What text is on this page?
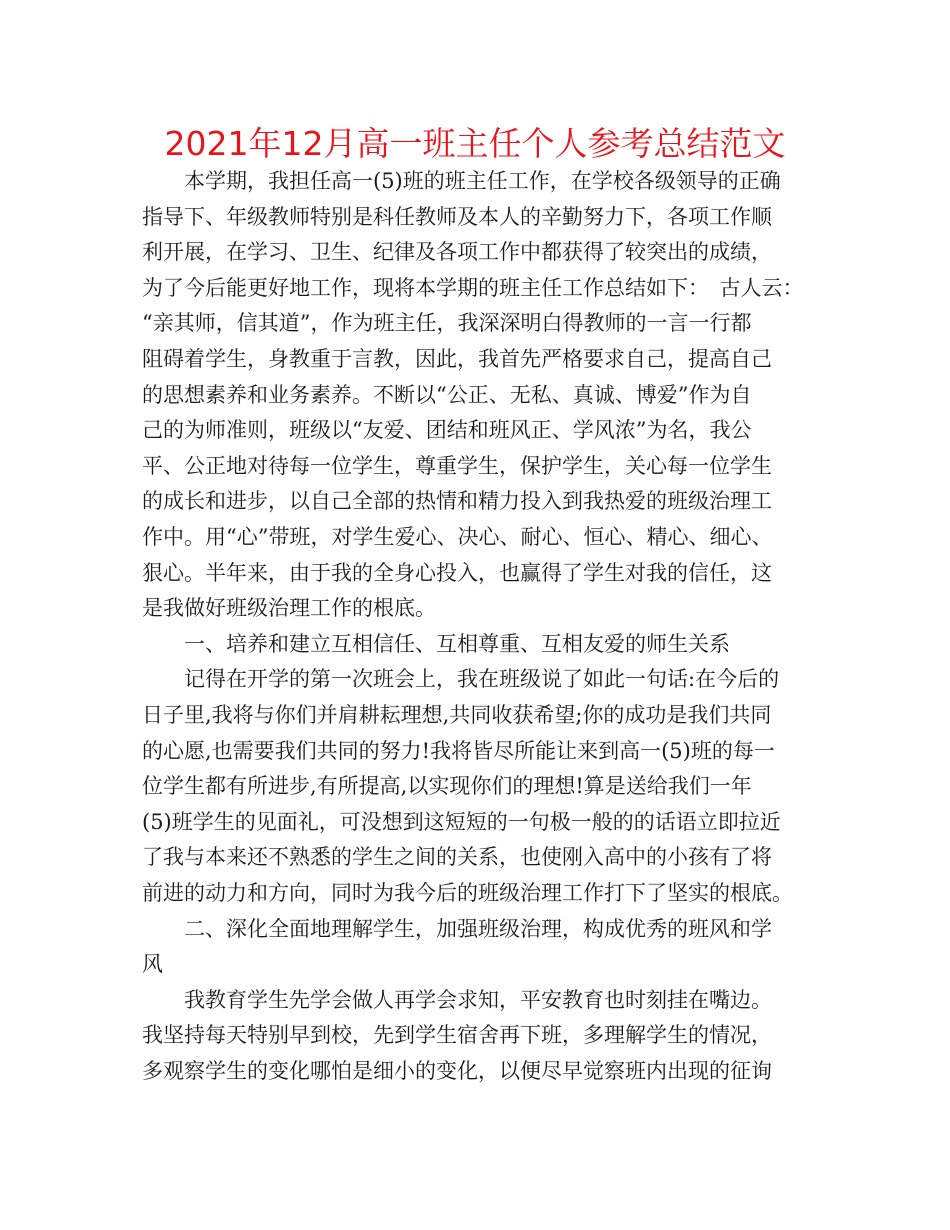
2021年12月高一班主任个人参考总结范文
　　本学期，我担任高一(5)班的班主任工作，在学校各级领导的正确
指导下、年级教师特别是科任教师及本人的辛勤努力下，各项工作顺
利开展，在学习、卫生、纪律及各项工作中都获得了较突出的成绩，
为了今后能更好地工作，现将本学期的班主任工作总结如下：　古人云：
“亲其师，信其道”，作为班主任，我深深明白得教师的一言一行都
阻碍着学生，身教重于言教，因此，我首先严格要求自己，提高自己
的思想素养和业务素养。不断以“公正、无私、真诚、博爱”作为自
己的为师准则，班级以“友爱、团结和班风正、学风浓”为名，我公
平、公正地对待每一位学生，尊重学生，保护学生，关心每一位学生
的成长和进步，以自己全部的热情和精力投入到我热爱的班级治理工
作中。用“心”带班，对学生爱心、决心、耐心、恒心、精心、细心、
狠心。半年来，由于我的全身心投入，也赢得了学生对我的信任，这
是我做好班级治理工作的根底。
　　一、培养和建立互相信任、互相尊重、互相友爱的师生关系
　　记得在开学的第一次班会上，我在班级说了如此一句话:在今后的
日子里,我将与你们并肩耕耘理想,共同收获希望;你的成功是我们共同
的心愿,也需要我们共同的努力!我将皆尽所能让来到高一(5)班的每一
位学生都有所进步,有所提高,以实现你们的理想!算是送给我们一年
(5)班学生的见面礼，可没想到这短短的一句极一般的的话语立即拉近
了我与本来还不熟悉的学生之间的关系，也使刚入高中的小孩有了将
前进的动力和方向，同时为我今后的班级治理工作打下了坚实的根底。
　　二、深化全面地理解学生，加强班级治理，构成优秀的班风和学
风
　　我教育学生先学会做人再学会求知，平安教育也时刻挂在嘴边。
我坚持每天特别早到校，先到学生宿舍再下班，多理解学生的情况，
多观察学生的变化哪怕是细小的变化，以便尽早觉察班内出现的征询
